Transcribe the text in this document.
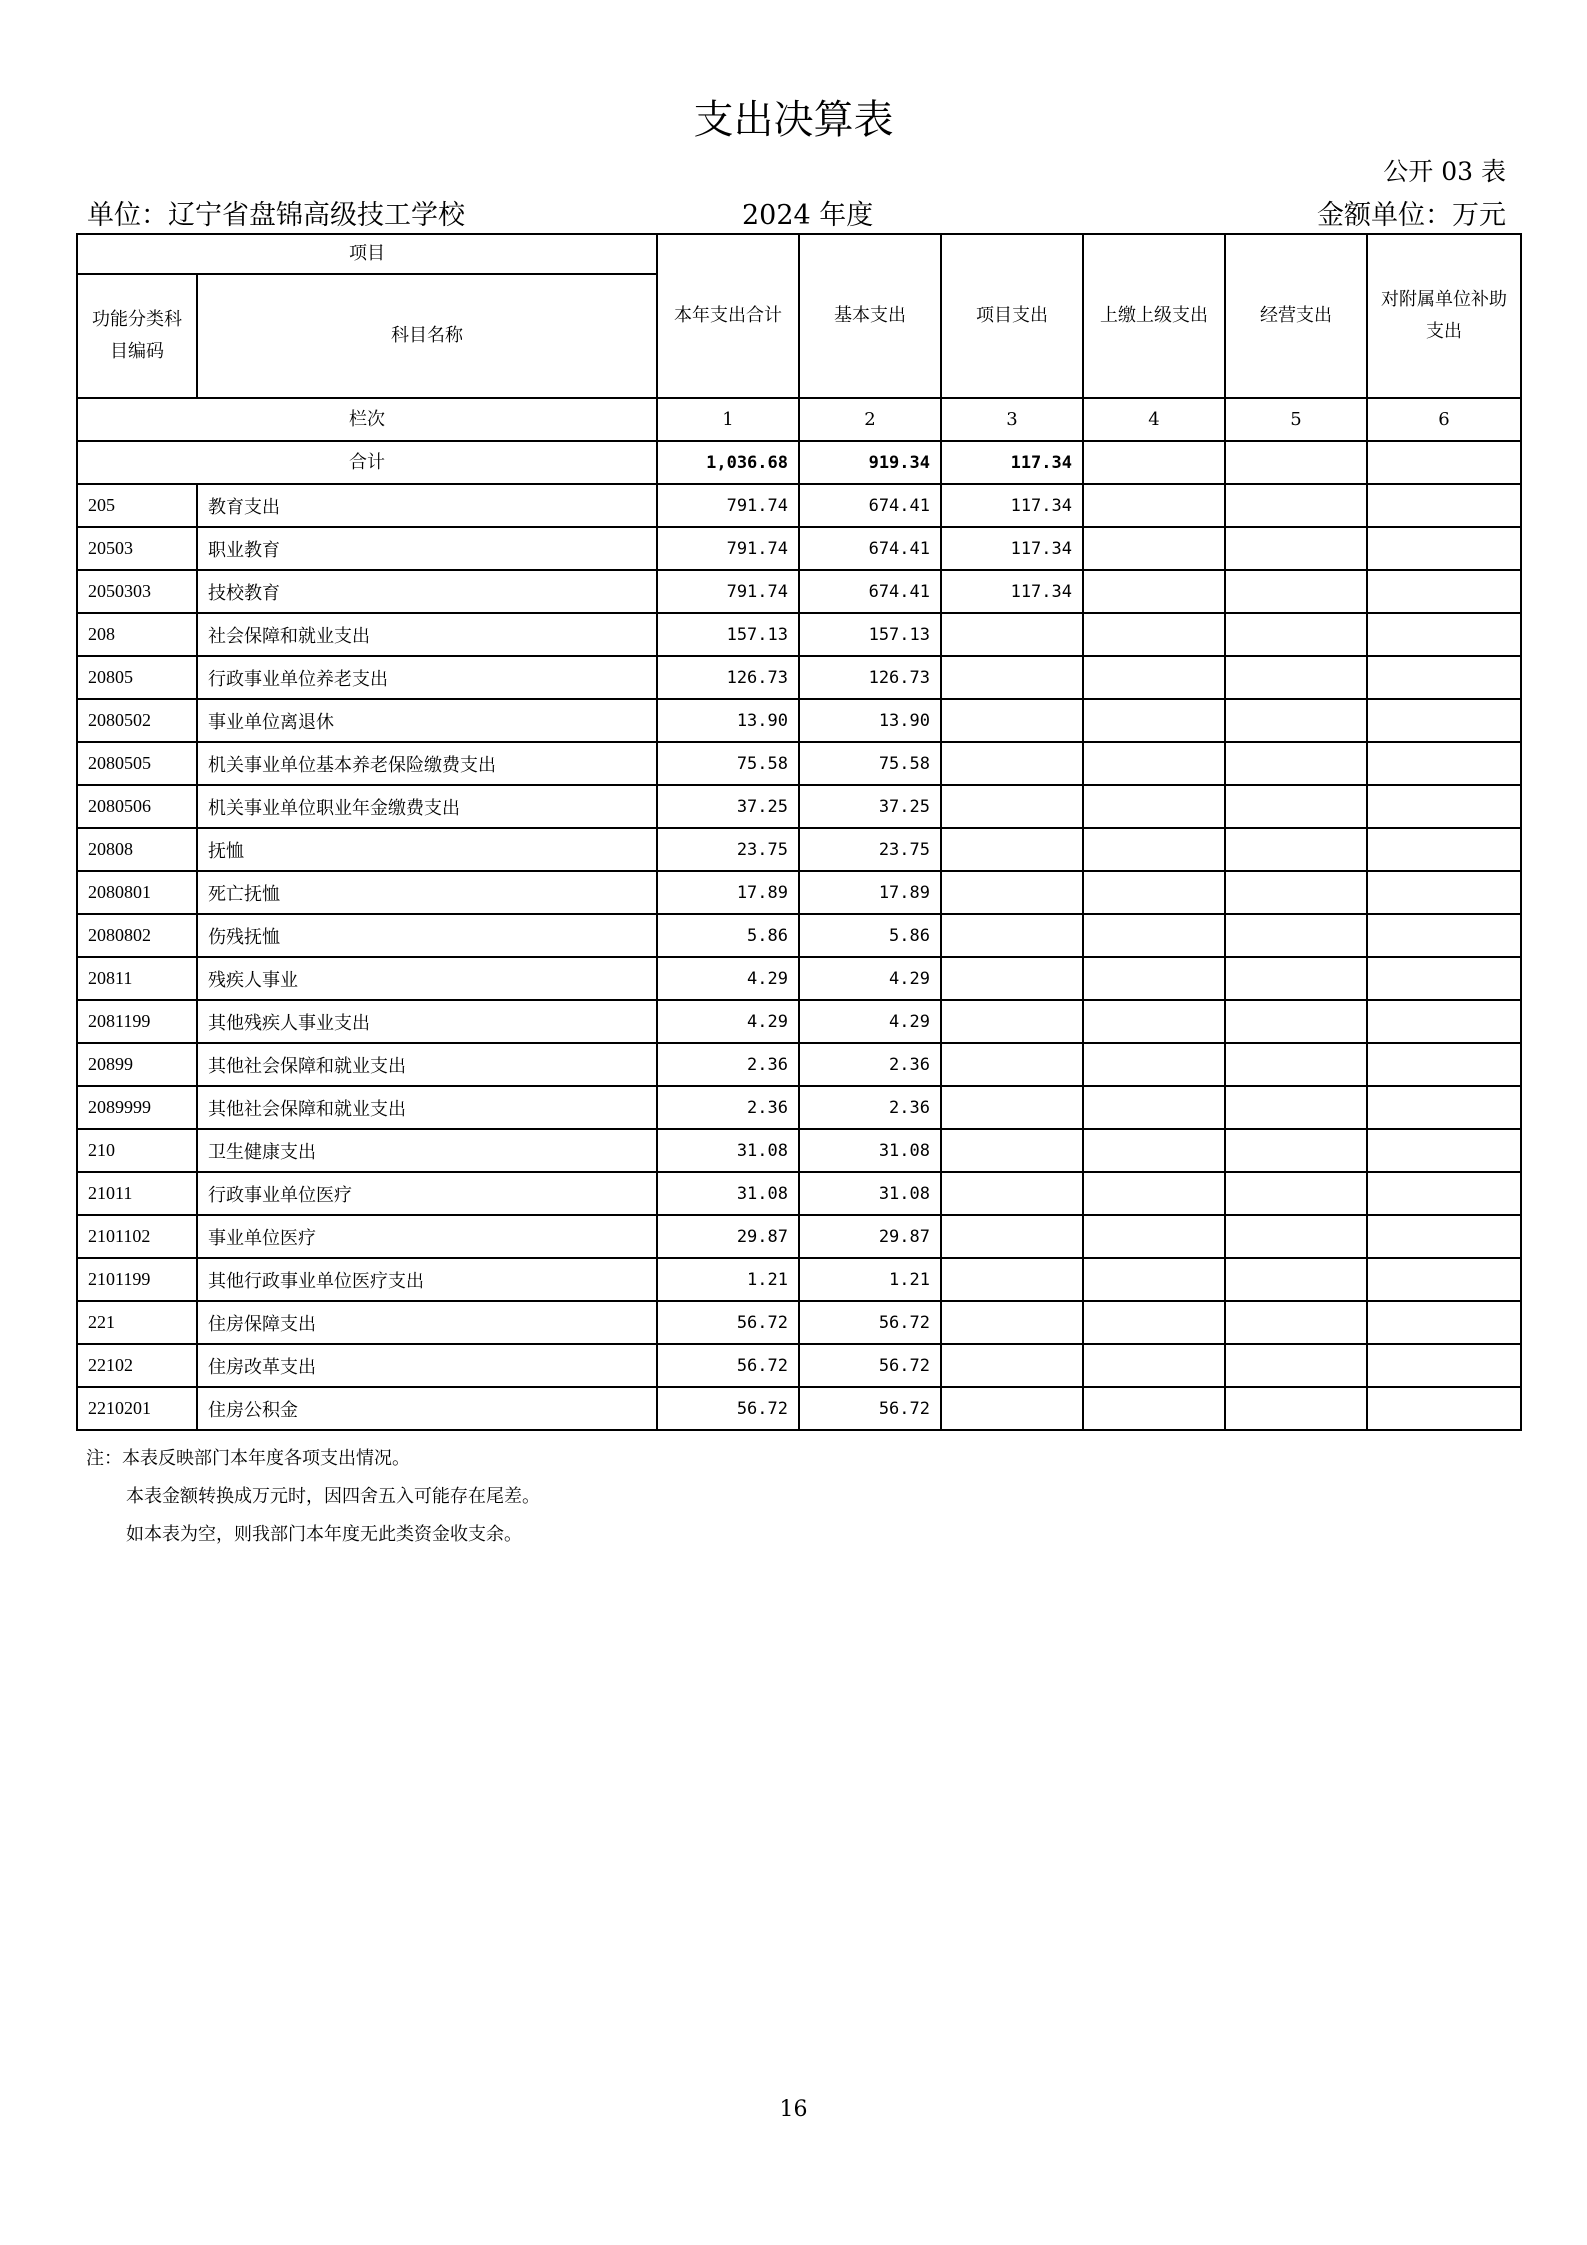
支出决算表
公开 03 表
单位：辽宁省盘锦高级技工学校	2024 年度	金额单位：万元
项目		本年支出合计	基本支出	项目支出	上缴上级支出	经营支出	对附属单位补助支出
功能分类科目编码	科目名称						
栏次		1	2	3	4	5	6
合计		1,036.68	919.34	117.34			
205	教育支出	791.74	674.41	117.34			
20503	职业教育	791.74	674.41	117.34			
2050303	技校教育	791.74	674.41	117.34			
208	社会保障和就业支出	157.13	157.13				
20805	行政事业单位养老支出	126.73	126.73				
2080502	事业单位离退休	13.90	13.90				
2080505	机关事业单位基本养老保险缴费支出	75.58	75.58				
2080506	机关事业单位职业年金缴费支出	37.25	37.25				
20808	抚恤	23.75	23.75				
2080801	死亡抚恤	17.89	17.89				
2080802	伤残抚恤	5.86	5.86				
20811	残疾人事业	4.29	4.29				
2081199	其他残疾人事业支出	4.29	4.29				
20899	其他社会保障和就业支出	2.36	2.36				
2089999	其他社会保障和就业支出	2.36	2.36				
210	卫生健康支出	31.08	31.08				
21011	行政事业单位医疗	31.08	31.08				
2101102	事业单位医疗	29.87	29.87				
2101199	其他行政事业单位医疗支出	1.21	1.21				
221	住房保障支出	56.72	56.72				
22102	住房改革支出	56.72	56.72				
2210201	住房公积金	56.72	56.72				
注：本表反映部门本年度各项支出情况。
本表金额转换成万元时，因四舍五入可能存在尾差。
如本表为空，则我部门本年度无此类资金收支余。
16
